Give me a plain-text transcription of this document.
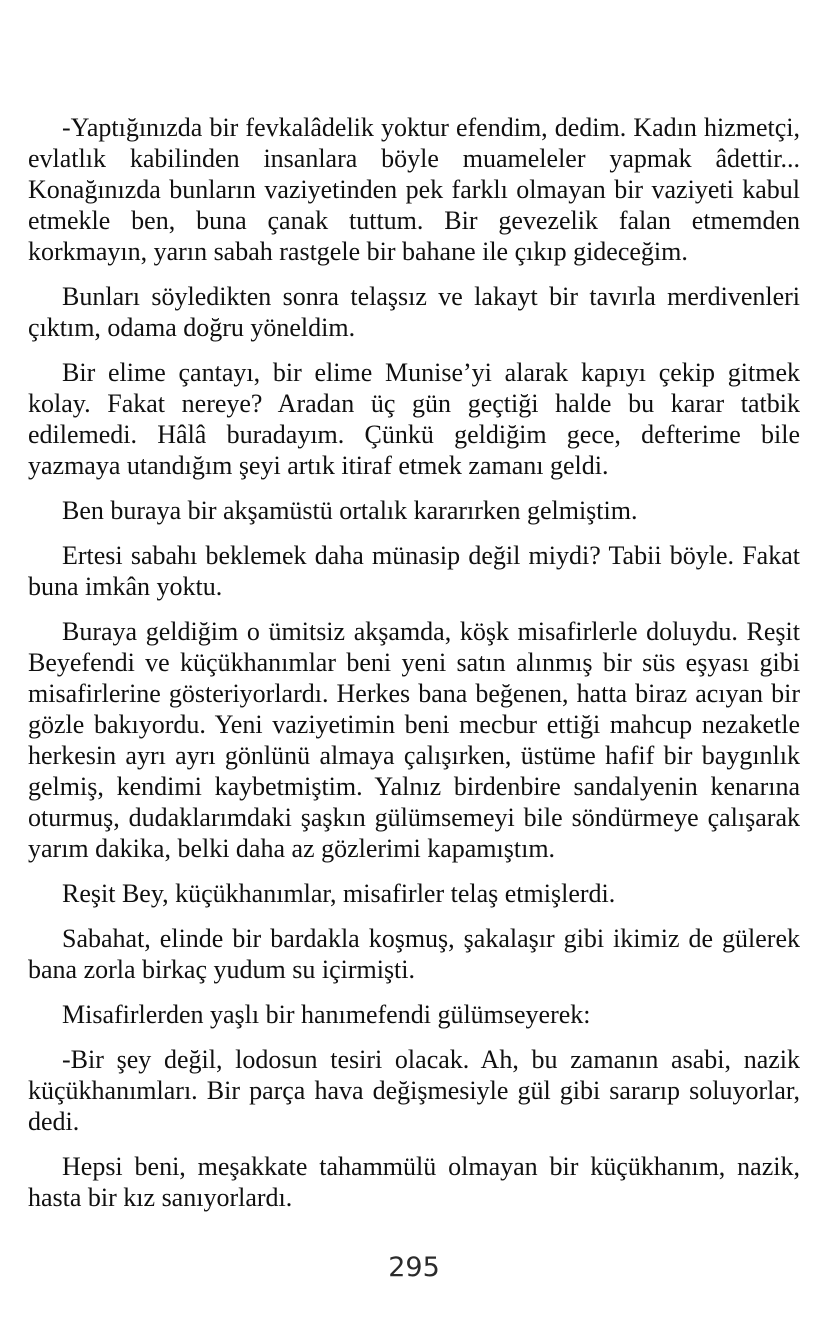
-Yaptığınızda bir fevkalâdelik yoktur efendim, dedim. Kadın hizmetçi, evlatlık kabilinden insanlara böyle muameleler yapmak âdettir... Konağınızda bunların vaziyetinden pek farklı olmayan bir vaziyeti kabul etmekle ben, buna çanak tuttum. Bir gevezelik falan etmemden korkmayın, yarın sabah rastgele bir bahane ile çıkıp gideceğim.

Bunları söyledikten sonra telaşsız ve lakayt bir tavırla merdivenleri çıktım, odama doğru yöneldim.

Bir elime çantayı, bir elime Munise’yi alarak kapıyı çekip gitmek kolay. Fakat nereye? Aradan üç gün geçtiği halde bu karar tatbik edilemedi. Hâlâ buradayım. Çünkü geldiğim gece, defterime bile yazmaya utandığım şeyi artık itiraf etmek zamanı geldi.

Ben buraya bir akşamüstü ortalık kararırken gelmiştim.

Ertesi sabahı beklemek daha münasip değil miydi? Tabii böyle. Fakat buna imkân yoktu.

Buraya geldiğim o ümitsiz akşamda, köşk misafirlerle doluydu. Reşit Beyefendi ve küçükhanımlar beni yeni satın alınmış bir süs eşyası gibi misafirlerine gösteriyorlardı. Herkes bana beğenen, hatta biraz acıyan bir gözle bakıyordu. Yeni vaziyetimin beni mecbur ettiği mahcup nezaketle herkesin ayrı ayrı gönlünü almaya çalışırken, üstüme hafif bir baygınlık gelmiş, kendimi kaybetmiştim. Yalnız birdenbire sandalyenin kenarına oturmuş, dudaklarımdaki şaşkın gülümsemeyi bile söndürmeye çalışarak yarım dakika, belki daha az gözlerimi kapamıştım.

Reşit Bey, küçükhanımlar, misafirler telaş etmişlerdi.

Sabahat, elinde bir bardakla koşmuş, şakalaşır gibi ikimiz de gülerek bana zorla birkaç yudum su içirmişti.

Misafirlerden yaşlı bir hanımefendi gülümseyerek:

-Bir şey değil, lodosun tesiri olacak. Ah, bu zamanın asabi, nazik küçükhanımları. Bir parça hava değişmesiyle gül gibi sararıp soluyorlar, dedi.

Hepsi beni, meşakkate tahammülü olmayan bir küçükhanım, nazik, hasta bir kız sanıyorlardı.

295
